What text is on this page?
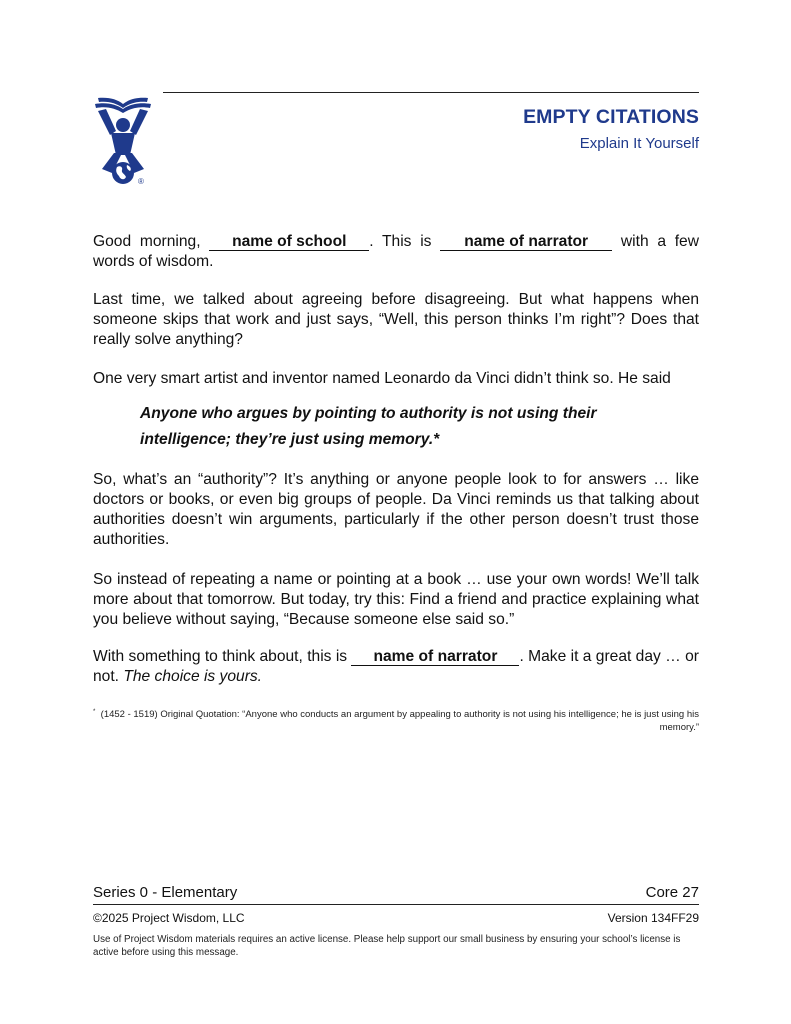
®
EMPTY CITATIONS
Explain It Yourself
Good morning, name of school . This is name of narrator with a few words of wisdom.
Last time, we talked about agreeing before disagreeing. But what happens when someone skips that work and just says, “Well, this person thinks I’m right”? Does that really solve anything?
One very smart artist and inventor named Leonardo da Vinci didn’t think so. He said
Anyone who argues by pointing to authority is not using their intelligence; they’re just using memory.*
So, what’s an “authority”? It’s anything or anyone people look to for answers … like doctors or books, or even big groups of people. Da Vinci reminds us that talking about authorities doesn’t win arguments, particularly if the other person doesn’t trust those authorities.
So instead of repeating a name or pointing at a book … use your own words! We’ll talk more about that tomorrow. But today, try this: Find a friend and practice explaining what you believe without saying, “Because someone else said so.”
With something to think about, this is name of narrator . Make it a great day … or not. The choice is yours.
* (1452 - 1519) Original Quotation: “Anyone who conducts an argument by appealing to authority is not using his intelligence; he is just using his memory.”
Series 0 - Elementary	Core 27
©2025 Project Wisdom, LLC	Version 134FF29
Use of Project Wisdom materials requires an active license. Please help support our small business by ensuring your school’s license is active before using this message.
